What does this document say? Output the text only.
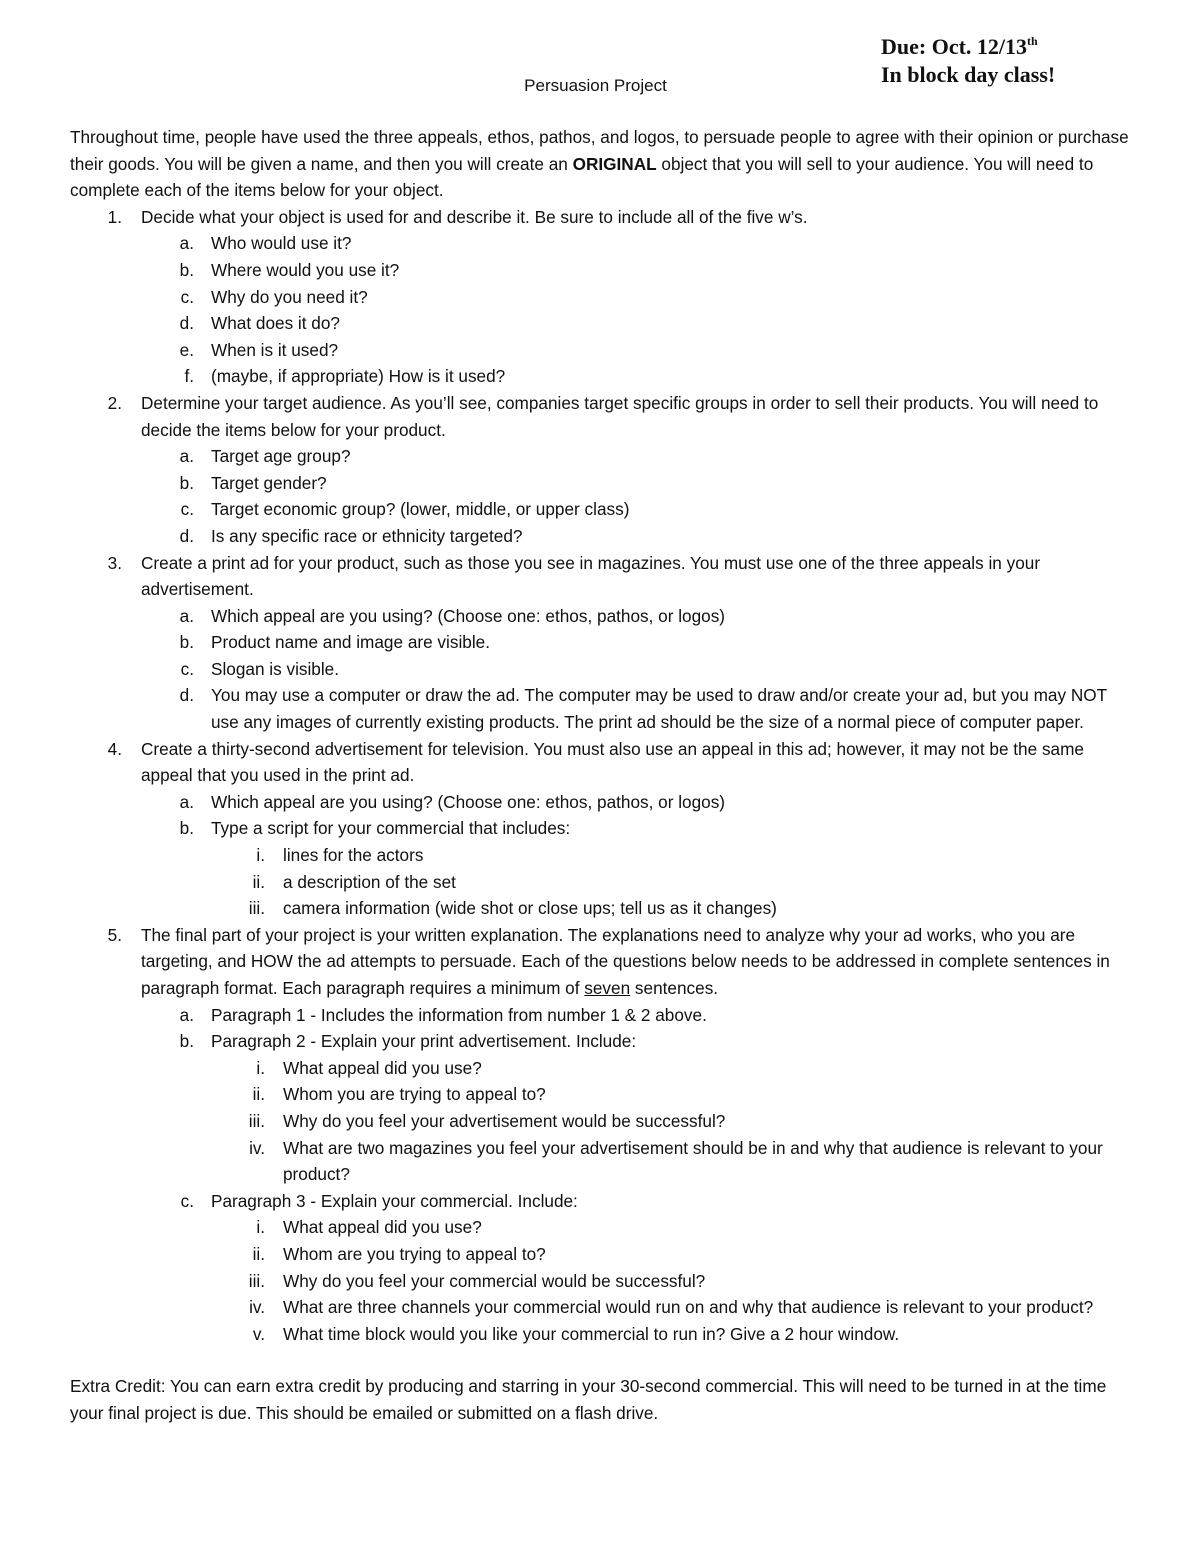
Due: Oct. 12/13th
In block day class!
Persuasion Project

Throughout time, people have used the three appeals, ethos, pathos, and logos, to persuade people to agree with their opinion or purchase their goods. You will be given a name, and then you will create an ORIGINAL object that you will sell to your audience. You will need to complete each of the items below for your object.

1. Decide what your object is used for and describe it. Be sure to include all of the five w’s.
a. Who would use it?
b. Where would you use it?
c. Why do you need it?
d. What does it do?
e. When is it used?
f. (maybe, if appropriate) How is it used?
2. Determine your target audience. As you’ll see, companies target specific groups in order to sell their products. You will need to decide the items below for your product.
a. Target age group?
b. Target gender?
c. Target economic group? (lower, middle, or upper class)
d. Is any specific race or ethnicity targeted?
3. Create a print ad for your product, such as those you see in magazines. You must use one of the three appeals in your advertisement.
a. Which appeal are you using? (Choose one: ethos, pathos, or logos)
b. Product name and image are visible.
c. Slogan is visible.
d. You may use a computer or draw the ad. The computer may be used to draw and/or create your ad, but you may NOT use any images of currently existing products. The print ad should be the size of a normal piece of computer paper.
4. Create a thirty-second advertisement for television. You must also use an appeal in this ad; however, it may not be the same appeal that you used in the print ad.
a. Which appeal are you using? (Choose one: ethos, pathos, or logos)
b. Type a script for your commercial that includes:
i. lines for the actors
ii. a description of the set
iii. camera information (wide shot or close ups; tell us as it changes)
5. The final part of your project is your written explanation. The explanations need to analyze why your ad works, who you are targeting, and HOW the ad attempts to persuade. Each of the questions below needs to be addressed in complete sentences in paragraph format. Each paragraph requires a minimum of seven sentences.
a. Paragraph 1 - Includes the information from number 1 & 2 above.
b. Paragraph 2 - Explain your print advertisement. Include:
i. What appeal did you use?
ii. Whom you are trying to appeal to?
iii. Why do you feel your advertisement would be successful?
iv. What are two magazines you feel your advertisement should be in and why that audience is relevant to your product?
c. Paragraph 3 - Explain your commercial. Include:
i. What appeal did you use?
ii. Whom are you trying to appeal to?
iii. Why do you feel your commercial would be successful?
iv. What are three channels your commercial would run on and why that audience is relevant to your product?
v. What time block would you like your commercial to run in? Give a 2 hour window.

Extra Credit: You can earn extra credit by producing and starring in your 30-second commercial. This will need to be turned in at the time your final project is due. This should be emailed or submitted on a flash drive.
